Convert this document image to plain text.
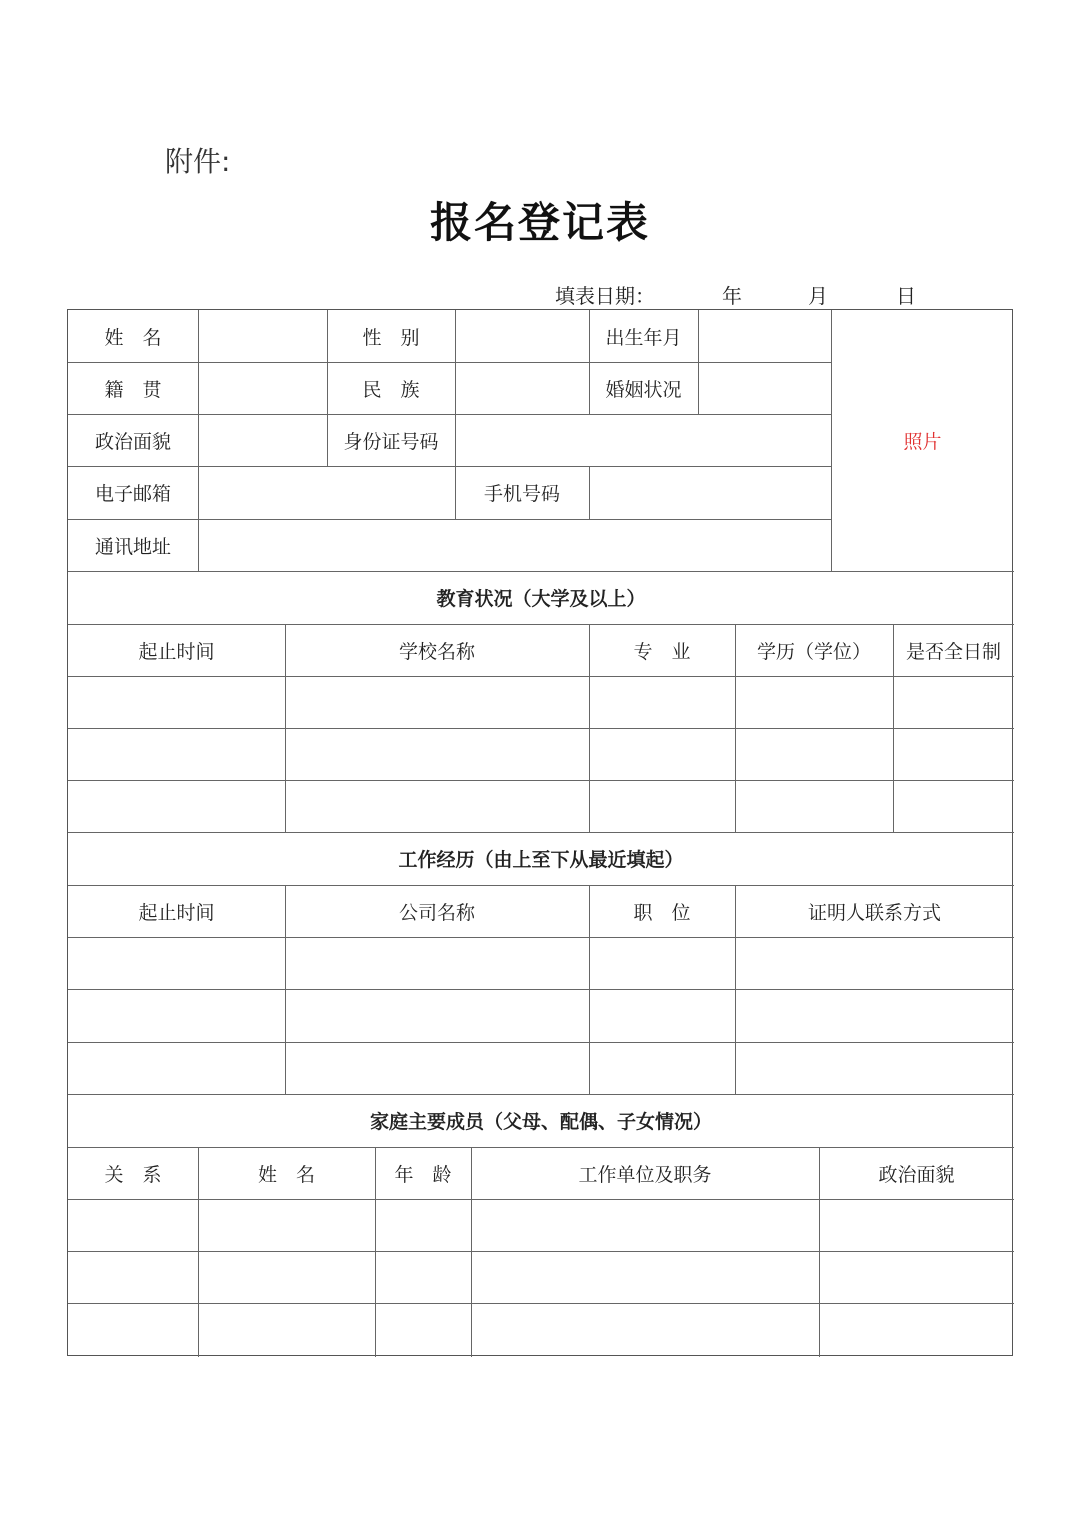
附件:
报名登记表
填表日期：	年	月	日
姓　名	性　别	出生年月
籍　贯	民　族	婚姻状况
政治面貌	身份证号码
电子邮箱	手机号码
通讯地址
照片
教育状况（大学及以上）
起止时间	学校名称	专　业	学历（学位）	是否全日制
工作经历（由上至下从最近填起）
起止时间	公司名称	职　位	证明人联系方式
家庭主要成员（父母、配偶、子女情况）
关　系	姓　名	年　龄	工作单位及职务	政治面貌
